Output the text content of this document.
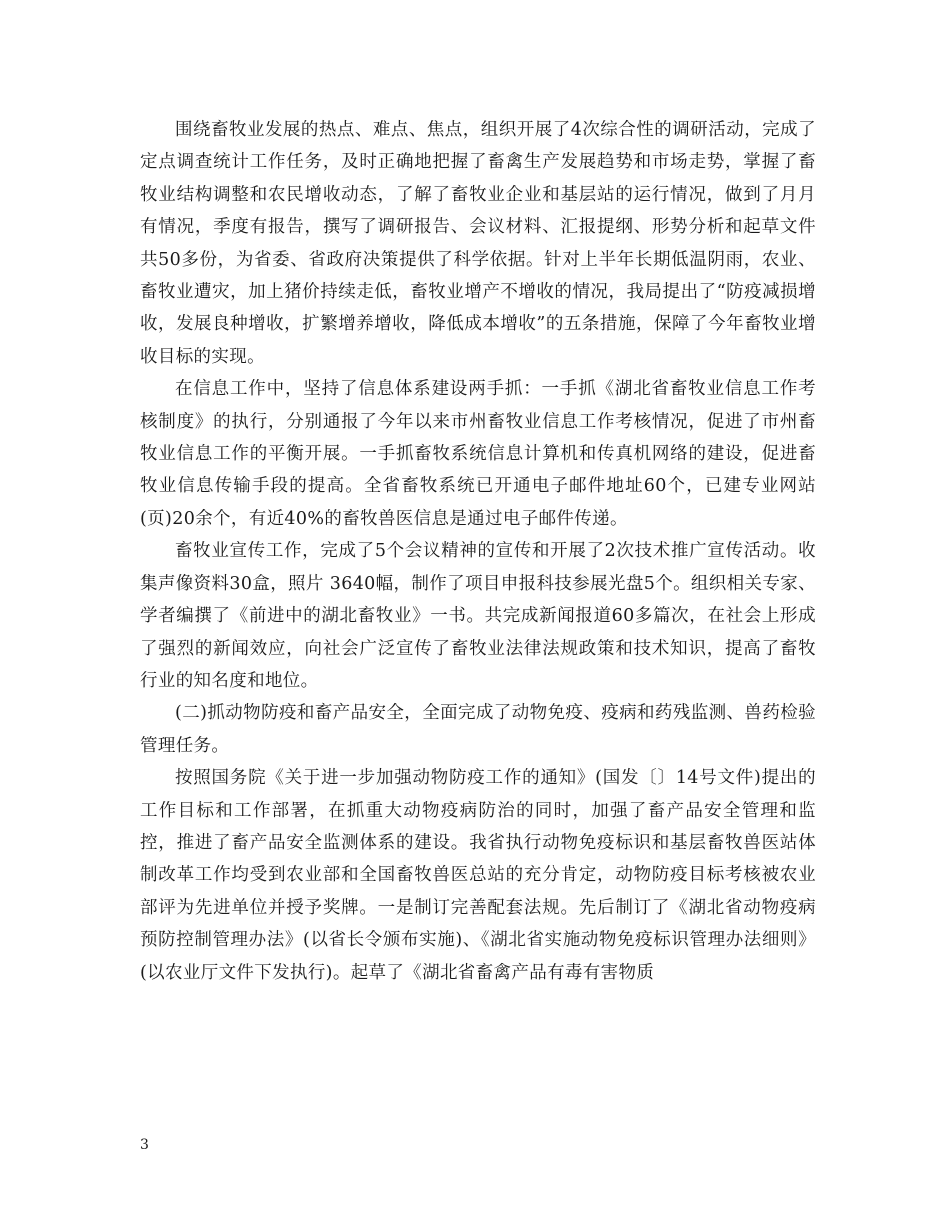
围绕畜牧业发展的热点、难点、焦点，组织开展了4次综合性的调研活动，完成了定点调查统计工作任务，及时正确地把握了畜禽生产发展趋势和市场走势，掌握了畜牧业结构调整和农民增收动态，了解了畜牧业企业和基层站的运行情况，做到了月月有情况，季度有报告，撰写了调研报告、会议材料、汇报提纲、形势分析和起草文件共50多份，为省委、省政府决策提供了科学依据。针对上半年长期低温阴雨，农业、畜牧业遭灾，加上猪价持续走低，畜牧业增产不增收的情况，我局提出了“防疫减损增收，发展良种增收，扩繁增养增收，降低成本增收”的五条措施，保障了今年畜牧业增收目标的实现。

在信息工作中，坚持了信息体系建设两手抓：一手抓《湖北省畜牧业信息工作考核制度》的执行，分别通报了今年以来市州畜牧业信息工作考核情况，促进了市州畜牧业信息工作的平衡开展。一手抓畜牧系统信息计算机和传真机网络的建设，促进畜牧业信息传输手段的提高。全省畜牧系统已开通电子邮件地址60个，已建专业网站(页)20余个，有近40%的畜牧兽医信息是通过电子邮件传递。

畜牧业宣传工作，完成了5个会议精神的宣传和开展了2次技术推广宣传活动。收集声像资料30盒，照片 3640幅，制作了项目申报科技参展光盘5个。组织相关专家、学者编撰了《前进中的湖北畜牧业》一书。共完成新闻报道60多篇次，在社会上形成了强烈的新闻效应，向社会广泛宣传了畜牧业法律法规政策和技术知识，提高了畜牧行业的知名度和地位。

(二)抓动物防疫和畜产品安全，全面完成了动物免疫、疫病和药残监测、兽药检验管理任务。

按照国务院《关于进一步加强动物防疫工作的通知》(国发〔〕14号文件)提出的工作目标和工作部署，在抓重大动物疫病防治的同时，加强了畜产品安全管理和监控，推进了畜产品安全监测体系的建设。我省执行动物免疫标识和基层畜牧兽医站体制改革工作均受到农业部和全国畜牧兽医总站的充分肯定，动物防疫目标考核被农业部评为先进单位并授予奖牌。一是制订完善配套法规。先后制订了《湖北省动物疫病预防控制管理办法》(以省长令颁布实施)、《湖北省实施动物免疫标识管理办法细则》(以农业厅文件下发执行)。起草了《湖北省畜禽产品有毒有害物质

3
